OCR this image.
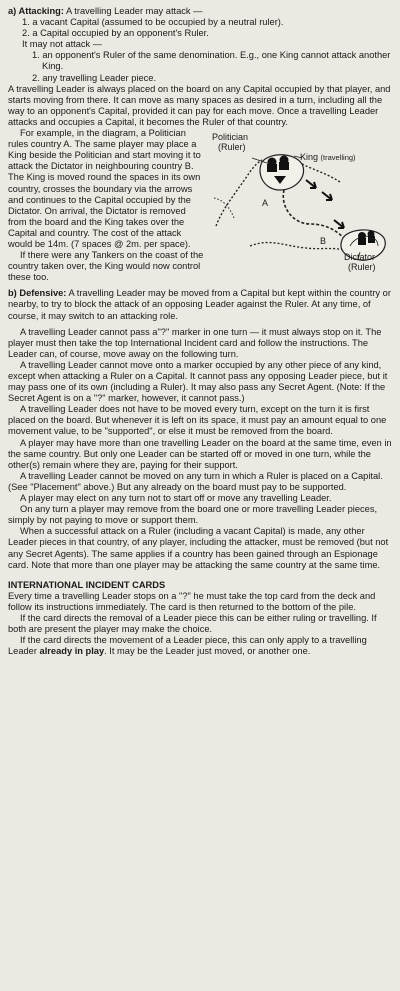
a) Attacking: A travelling Leader may attack —

1. a vacant Capital (assumed to be occupied by a neutral ruler).

2. a Capital occupied by an opponent's Ruler.

It may not attack —

1. an opponent's Ruler of the same denomination. E.g., one King cannot attack another King.

2. any travelling Leader piece.

A travelling Leader is always placed on the board on any Capital occupied by that player, and starts moving from there. It can move as many spaces as desired in a turn, including all the way to an opponent's Capital, provided it can pay for each move. Once a travelling Leader attacks and occupies a Capital, it becomes the Ruler of that country.

Politician
(Ruler)
King (travelling)
A
B
Dictator
(Ruler)

For example, in the diagram, a Politician rules country A. The same player may place a King beside the Politician and start moving it to attack the Dictator in neighbouring country B. The King is moved round the spaces in its own country, crosses the boundary via the arrows and continues to the Capital occupied by the Dictator. On arrival, the Dictator is removed from the board and the King takes over the Capital and country. The cost of the attack would be 14m. (7 spaces @ 2m. per space).

If there were any Tankers on the coast of the country taken over, the King would now control these too.

b) Defensive: A travelling Leader may be moved from a Capital but kept within the country or nearby, to try to block the attack of an opposing Leader against the Ruler. At any time, of course, it may switch to an attacking role.

A travelling Leader cannot pass a"?" marker in one turn — it must always stop on it. The player must then take the top International Incident card and follow the instructions. The Leader can, of course, move away on the following turn.

A travelling Leader cannot move onto a marker occupied by any other piece of any kind, except when attacking a Ruler on a Capital. It cannot pass any opposing Leader piece, but it may pass one of its own (including a Ruler). It may also pass any Secret Agent. (Note: If the Secret Agent is on a "?" marker, however, it cannot pass.)

A travelling Leader does not have to be moved every turn, except on the turn it is first placed on the board. But whenever it is left on its space, it must pay an amount equal to one movement value, to be "supported", or else it must be removed from the board.

A player may have more than one travelling Leader on the board at the same time, even in the same country. But only one Leader can be started off or moved in one turn, while the other(s) remain where they are, paying for their support.

A travelling Leader cannot be moved on any turn in which a Ruler is placed on a Capital. (See "Placement" above.) But any already on the board must pay to be supported.

A player may elect on any turn not to start off or move any travelling Leader.

On any turn a player may remove from the board one or more travelling Leader pieces, simply by not paying to move or support them.

When a successful attack on a Ruler (including a vacant Capital) is made, any other Leader pieces in that country, of any player, including the attacker, must be removed (but not any Secret Agents). The same applies if a country has been gained through an Espionage card. Note that more than one player may be attacking the same country at the same time.

INTERNATIONAL INCIDENT CARDS

Every time a travelling Leader stops on a "?" he must take the top card from the deck and follow its instructions immediately. The card is then returned to the bottom of the pile.

If the card directs the removal of a Leader piece this can be either ruling or travelling. If both are present the player may make the choice.

If the card directs the movement of a Leader piece, this can only apply to a travelling Leader already in play. It may be the Leader just moved, or another one.
